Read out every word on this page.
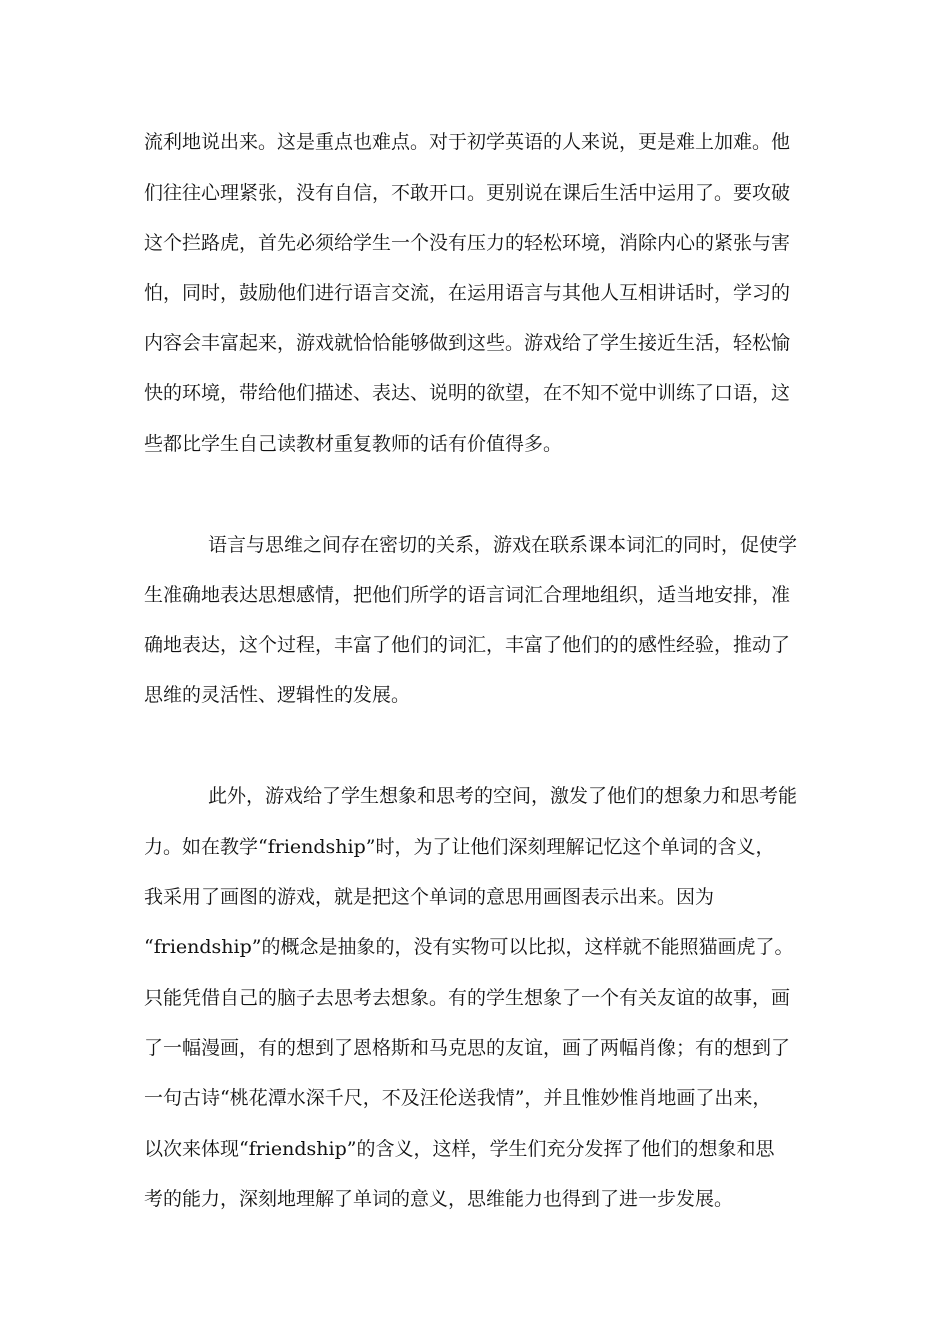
流利地说出来。这是重点也难点。对于初学英语的人来说，更是难上加难。他
们往往心理紧张，没有自信，不敢开口。更别说在课后生活中运用了。要攻破
这个拦路虎，首先必须给学生一个没有压力的轻松环境，消除内心的紧张与害
怕，同时，鼓励他们进行语言交流，在运用语言与其他人互相讲话时，学习的
内容会丰富起来，游戏就恰恰能够做到这些。游戏给了学生接近生活，轻松愉
快的环境，带给他们描述、表达、说明的欲望，在不知不觉中训练了口语，这
些都比学生自己读教材重复教师的话有价值得多。
语言与思维之间存在密切的关系，游戏在联系课本词汇的同时，促使学
生准确地表达思想感情，把他们所学的语言词汇合理地组织，适当地安排，准
确地表达，这个过程，丰富了他们的词汇，丰富了他们的的感性经验，推动了
思维的灵活性、逻辑性的发展。
此外，游戏给了学生想象和思考的空间，激发了他们的想象力和思考能
力。如在教学“friendship”时，为了让他们深刻理解记忆这个单词的含义，
我采用了画图的游戏，就是把这个单词的意思用画图表示出来。因为
“friendship”的概念是抽象的，没有实物可以比拟，这样就不能照猫画虎了。
只能凭借自己的脑子去思考去想象。有的学生想象了一个有关友谊的故事，画
了一幅漫画，有的想到了恩格斯和马克思的友谊，画了两幅肖像；有的想到了
一句古诗“桃花潭水深千尺，不及汪伦送我情”，并且惟妙惟肖地画了出来，
以次来体现“friendship”的含义，这样，学生们充分发挥了他们的想象和思
考的能力，深刻地理解了单词的意义，思维能力也得到了进一步发展。
